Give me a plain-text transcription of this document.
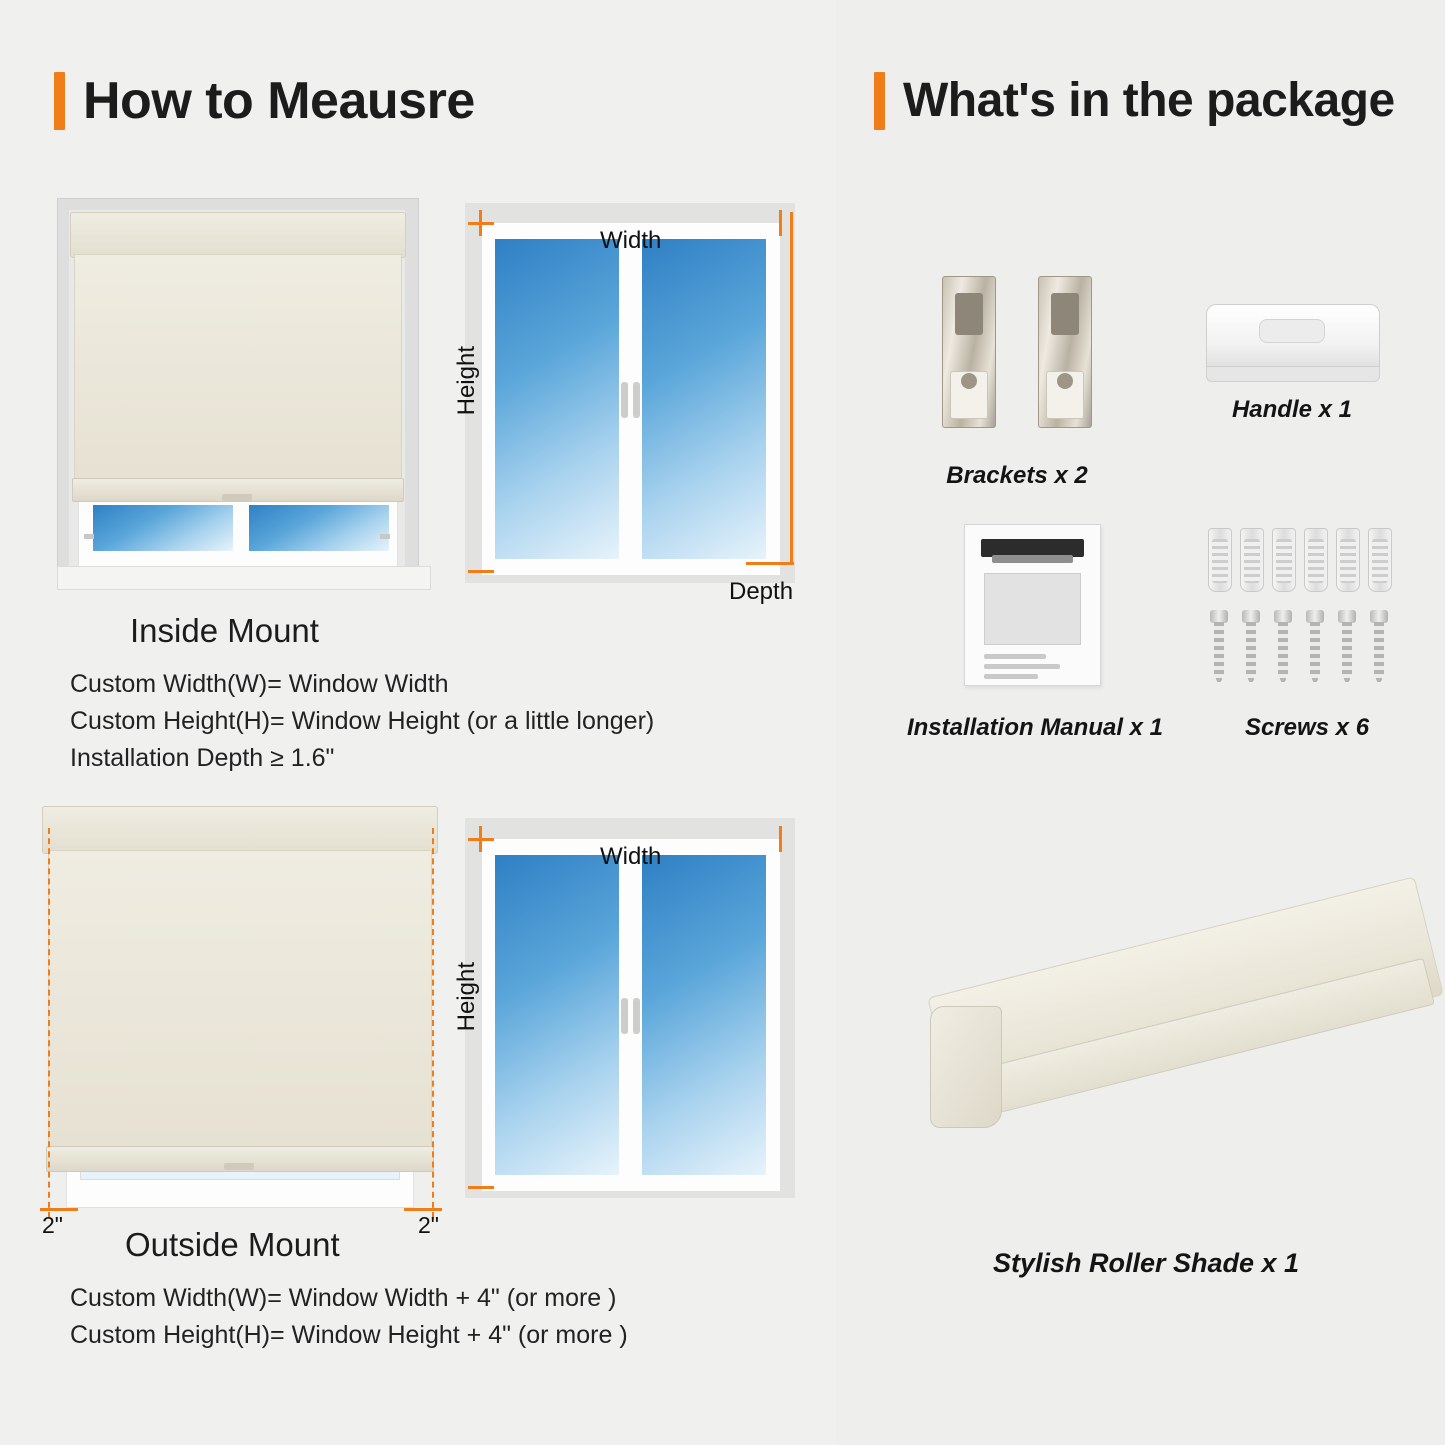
How to Meausre
Width
Height
Depth
Inside Mount
Custom Width(W)= Window Width
Custom Height(H)= Window Height (or a little longer)
Installation Depth ≥ 1.6"
2"	2"
Width
Height
Outside Mount
Custom Width(W)= Window Width + 4" (or more )
Custom Height(H)= Window Height + 4" (or more )
What's in the package
Brackets x 2
Handle x 1
Installation Manual x 1	Screws x 6
Stylish Roller Shade x 1
